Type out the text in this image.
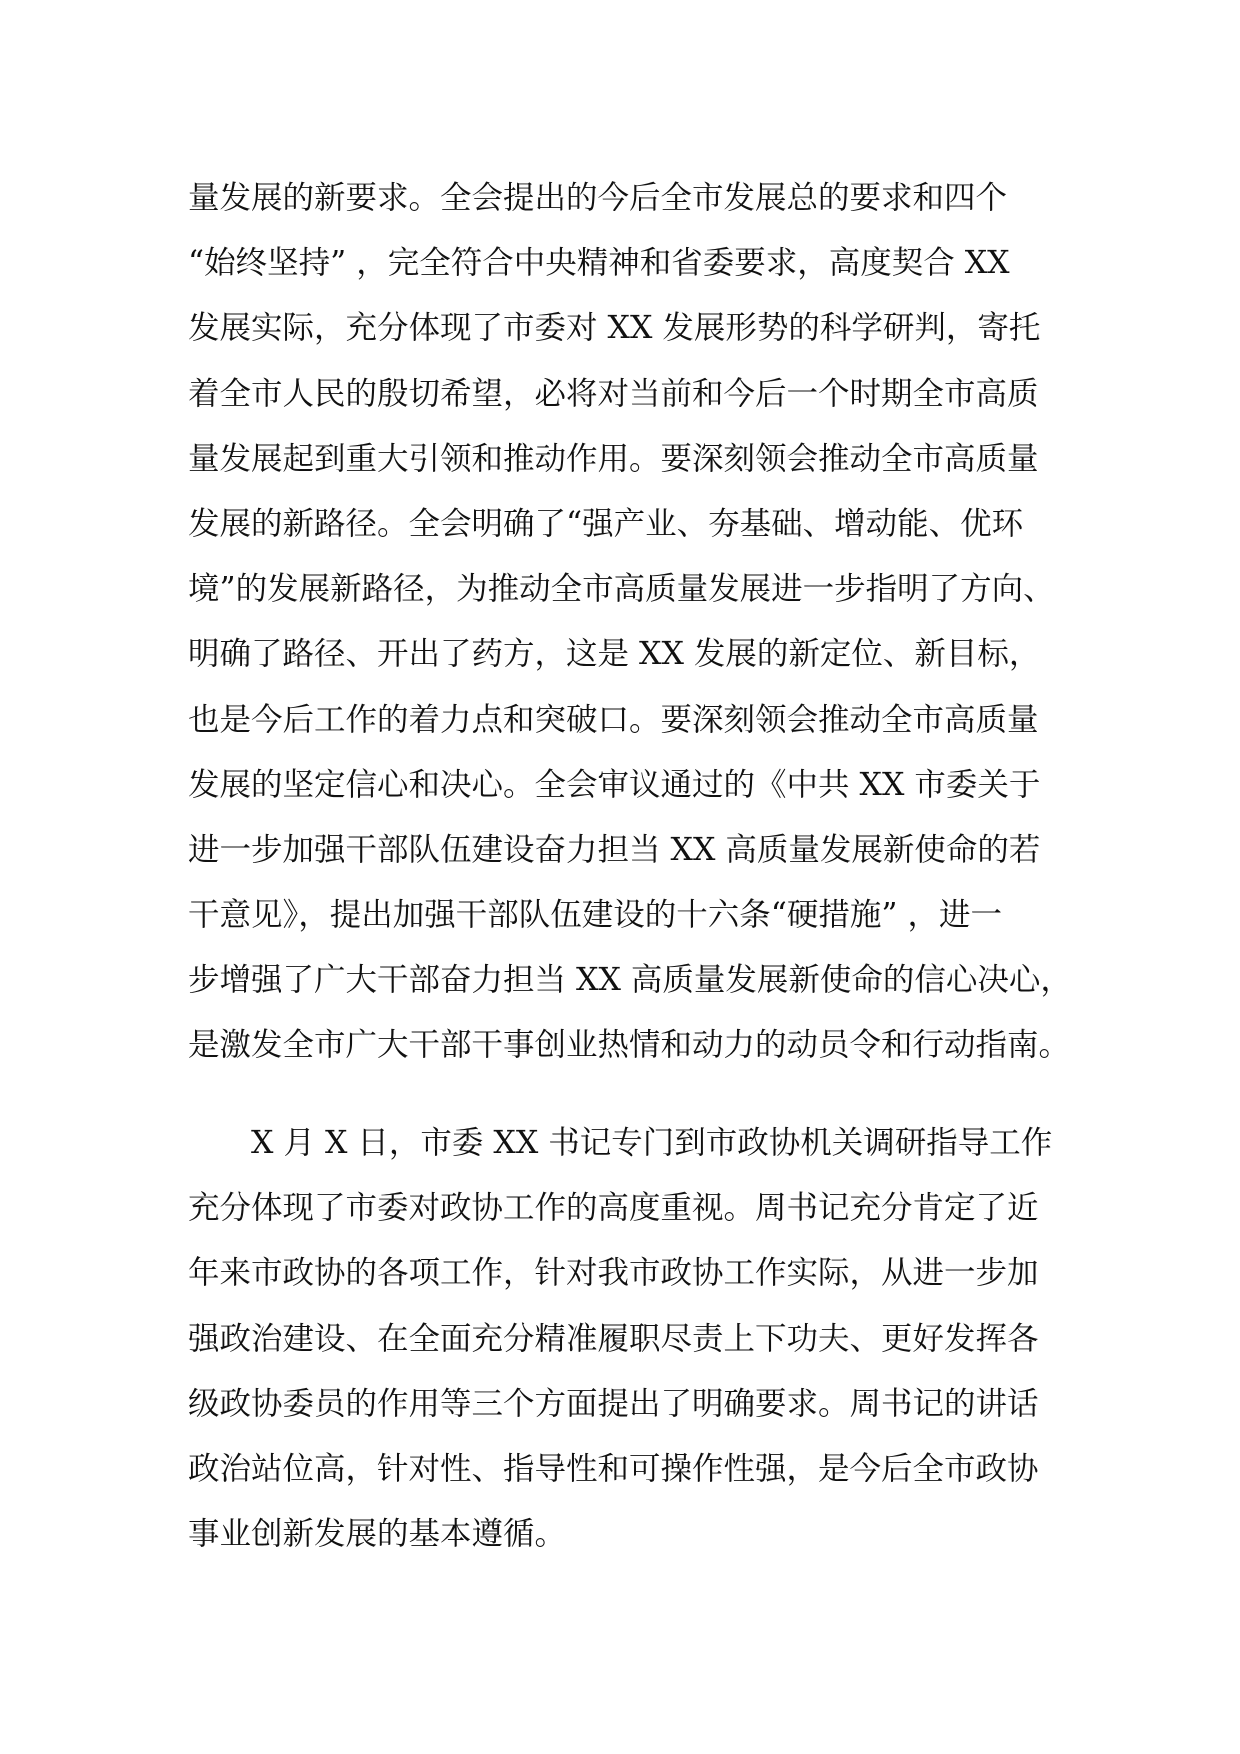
量发展的新要求。全会提出的今后全市发展总的要求和四个
“始终坚持” ，完全符合中央精神和省委要求，高度契合 XX
发展实际，充分体现了市委对 XX 发展形势的科学研判，寄托
着全市人民的殷切希望，必将对当前和今后一个时期全市高质
量发展起到重大引领和推动作用。要深刻领会推动全市高质量
发展的新路径。全会明确了“强产业、夯基础、增动能、优环
境”的发展新路径，为推动全市高质量发展进一步指明了方向、
明确了路径、开出了药方，这是 XX 发展的新定位、新目标，
也是今后工作的着力点和突破口。要深刻领会推动全市高质量
发展的坚定信心和决心。全会审议通过的《中共 XX 市委关于
进一步加强干部队伍建设奋力担当 XX 高质量发展新使命的若
干意见》，提出加强干部队伍建设的十六条“硬措施” ，进一
步增强了广大干部奋力担当 XX 高质量发展新使命的信心决心，
是激发全市广大干部干事创业热情和动力的动员令和行动指南。
　　X 月 X 日，市委 XX 书记专门到市政协机关调研指导工作
充分体现了市委对政协工作的高度重视。周书记充分肯定了近
年来市政协的各项工作，针对我市政协工作实际，从进一步加
强政治建设、在全面充分精准履职尽责上下功夫、更好发挥各
级政协委员的作用等三个方面提出了明确要求。周书记的讲话
政治站位高，针对性、指导性和可操作性强，是今后全市政协
事业创新发展的基本遵循。
